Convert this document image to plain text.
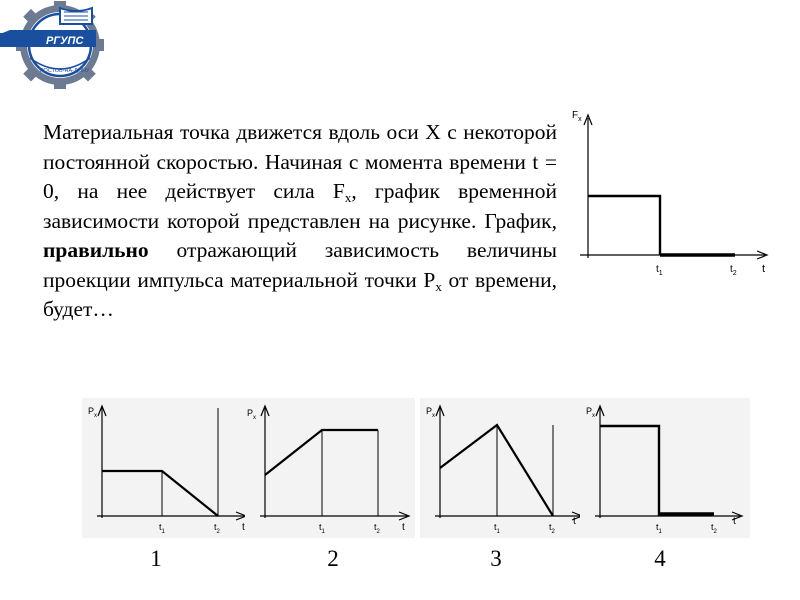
РГУПС
РОСТОВ-НА-ДОНУ
Материальная точка движется вдоль оси X с некоторой постоянной скоростью. Начиная с момента времени t = 0, на нее действует сила $F_x$, график временной зависимости которой представлен на рисунке. График, правильно отражающий зависимость величины проекции импульса материальной точки $P_x$ от времени, будет…
$F_x$
t
$t_1$	$t_2$
$P_x$
t
$t_1$	$t_2$
$P_x$
t
$t_1$	$t_2$
$P_x$
t
$t_1$	$t_2$
$P_x$
t
$t_1$	$t_2$
1	2	3	4
